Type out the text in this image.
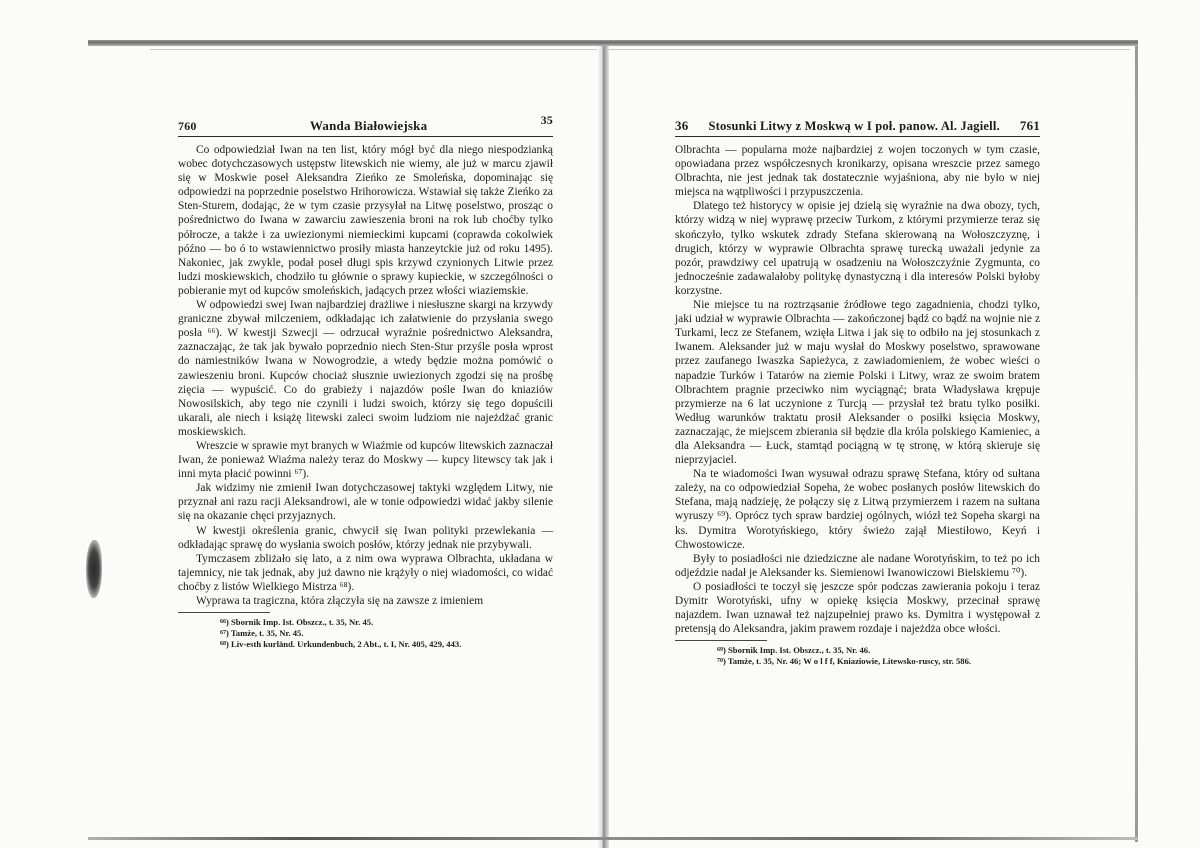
760	Wanda Białowiejska	35

Co odpowiedział Iwan na ten list, który mógł być dla niego niespodzianką wobec dotychczasowych ustępstw litewskich nie wiemy, ale już w marcu zjawił się w Moskwie poseł Aleksandra Zieńko ze Smoleńska, dopominając się odpowiedzi na poprzednie poselstwo Hrihorowicza. Wstawiał się także Zieńko za Sten-Sturem, dodając, że w tym czasie przysyłał na Litwę poselstwo, prosząc o pośrednictwo do Iwana w zawarciu zawieszenia broni na rok lub choćby tylko półrocze, a także i za uwiezionymi niemieckimi kupcami (coprawda cokolwiek późno — bo ó to wstawiennictwo prosiły miasta hanzeytckie już od roku 1495). Nakoniec, jak zwykle, podał poseł długi spis krzywd czynionych Litwie przez ludzi moskiewskich, chodziło tu głównie o sprawy kupieckie, w szczególności o pobieranie myt od kupców smoleńskich, jadących przez włości wiaziemskie.

W odpowiedzi swej Iwan najbardziej drażliwe i niesłuszne skargi na krzywdy graniczne zbywał milczeniem, odkładając ich załatwienie do przysłania swego posła ⁶⁶). W kwestji Szwecji — odrzucał wyraźnie pośrednictwo Aleksandra, zaznaczając, że tak jak bywało poprzednio niech Sten-Stur przyśle posła wprost do namiestników Iwana w Nowogrodzie, a wtedy będzie można pomówić o zawieszeniu broni. Kupców chociaż słusznie uwiezionych zgodzi się na prośbę zięcia — wypuścić. Co do grabieży i najazdów pośle Iwan do kniaziów Nowosilskich, aby tego nie czynili i ludzi swoich, którzy się tego dopuścili ukarali, ale niech i książę litewski zaleci swoim ludziom nie najeżdżać granic moskiewskich.

Wreszcie w sprawie myt branych w Wiaźmie od kupców litewskich zaznaczał Iwan, że ponieważ Wiaźma należy teraz do Moskwy — kupcy litewscy tak jak i inni myta płacić powinni ⁶⁷).

Jak widzimy nie zmienił Iwan dotychczasowej taktyki względem Litwy, nie przyznał ani razu racji Aleksandrowi, ale w tonie odpowiedzi widać jakby silenie się na okazanie chęci przyjaznych.

W kwestji określenia granic, chwycił się Iwan polityki przewlekania — odkładając sprawę do wysłania swoich posłów, którzy jednak nie przybywali.

Tymczasem zbliżało się lato, a z nim owa wyprawa Olbrachta, układana w tajemnicy, nie tak jednak, aby już dawno nie krążyły o niej wiadomości, co widać choćby z listów Wielkiego Mistrza ⁶⁸).

Wyprawa ta tragiczna, która złączyła się na zawsze z imieniem

$^{66}$) Sbornik Imp. Ist. Obszcz., t. 35, Nr. 45.
$^{67}$) Tamże, t. 35, Nr. 45.
$^{68}$) Liv-esth kurländ. Urkundenbuch, 2 Abt., t. I, Nr. 405, 429, 443.
36 Stosunki Litwy z Moskwą w I poł. panow. Al. Jagiell. 761

Olbrachta — popularna może najbardziej z wojen toczonych w tym czasie, opowiadana przez współczesnych kronikarzy, opisana wreszcie przez samego Olbrachta, nie jest jednak tak dostatecznie wyjaśniona, aby nie było w niej miejsca na wątpliwości i przypuszczenia.

Dlatego też historycy w opisie jej dzielą się wyraźnie na dwa obozy, tych, którzy widzą w niej wyprawę przeciw Turkom, z którymi przymierze teraz się skończyło, tylko wskutek zdrady Stefana skierowaną na Wołoszczyznę, i drugich, którzy w wyprawie Olbrachta sprawę turecką uważali jedynie za pozór, prawdziwy cel upatrują w osadzeniu na Wołoszczyźnie Zygmunta, co jednocześnie zadawalałoby politykę dynastyczną i dla interesów Polski byłoby korzystne.

Nie miejsce tu na roztrząsanie źródłowe tego zagadnienia, chodzi tylko, jaki udział w wyprawie Olbrachta — zakończonej bądź co bądź na wojnie nie z Turkami, lecz ze Stefanem, wzięła Litwa i jak się to odbiło na jej stosunkach z Iwanem. Aleksander już w maju wysłał do Moskwy poselstwo, sprawowane przez zaufanego Iwaszka Sapieżyca, z zawiadomieniem, że wobec wieści o napadzie Turków i Tatarów na ziemie Polski i Litwy, wraz ze swoim bratem Olbrachtem pragnie przeciwko nim wyciągnąć; brata Władysława krępuje przymierze na 6 lat uczynione z Turcją — przysłał też bratu tylko posiłki. Według warunków traktatu prosił Aleksander o posiłki księcia Moskwy, zaznaczając, że miejscem zbierania sił będzie dla króla polskiego Kamieniec, a dla Aleksandra — Łuck, stamtąd pociągną w tę stronę, w którą skieruje się nieprzyjaciel.

Na te wiadomości Iwan wysuwał odrazu sprawę Stefana, który od sułtana zależy, na co odpowiedział Sopeha, że wobec posłanych posłów litewskich do Stefana, mają nadzieję, że połączy się z Litwą przymierzem i razem na sułtana wyruszy ⁶⁹). Oprócz tych spraw bardziej ogólnych, wiózł też Sopeha skargi na ks. Dymitra Worotyńskiego, który świeżo zajął Miestiłowo, Keyń i Chwostowicze.

Były to posiadłości nie dziedziczne ale nadane Worotyńskim, to też po ich odjeździe nadał je Aleksander ks. Siemienowi Iwanowiczowi Bielskiemu ⁷⁰).

O posiadłości te toczył się jeszcze spór podczas zawierania pokoju i teraz Dymitr Worotyński, ufny w opiekę księcia Moskwy, przecinał sprawę najazdem. Iwan uznawał też najzupełniej prawo ks. Dymitra i występował z pretensją do Aleksandra, jakim prawem rozdaje i najeżdża obce włości.

$^{69}$) Sbornik Imp. Ist. Obszcz., t. 35, Nr. 46.
$^{70}$) Tamże, t. 35, Nr. 46; W o l f f, Kniaziowie, Litewsko-ruscy, str. 586.
